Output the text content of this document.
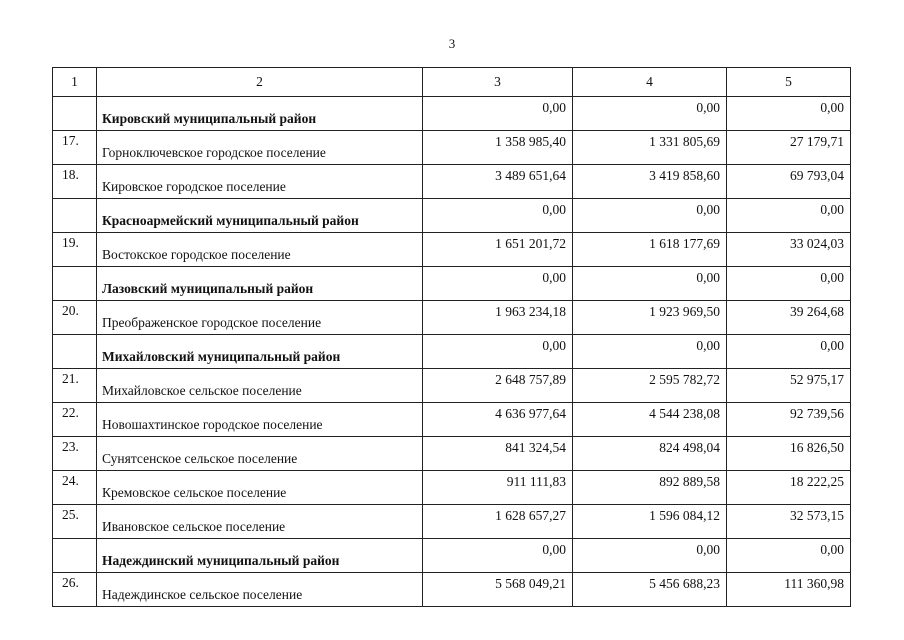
3
1	2	3	4	5
	Кировский муниципальный район	0,00	0,00	0,00
17.	Горноключевское городское поселение	1 358 985,40	1 331 805,69	27 179,71
18.	Кировское городское поселение	3 489 651,64	3 419 858,60	69 793,04
	Красноармейский муниципальный район	0,00	0,00	0,00
19.	Востокское городское поселение	1 651 201,72	1 618 177,69	33 024,03
	Лазовский муниципальный район	0,00	0,00	0,00
20.	Преображенское городское поселение	1 963 234,18	1 923 969,50	39 264,68
	Михайловский муниципальный район	0,00	0,00	0,00
21.	Михайловское сельское поселение	2 648 757,89	2 595 782,72	52 975,17
22.	Новошахтинское городское поселение	4 636 977,64	4 544 238,08	92 739,56
23.	Сунятсенское сельское поселение	841 324,54	824 498,04	16 826,50
24.	Кремовское сельское поселение	911 111,83	892 889,58	18 222,25
25.	Ивановское сельское поселение	1 628 657,27	1 596 084,12	32 573,15
	Надеждинский муниципальный район	0,00	0,00	0,00
26.	Надеждинское сельское поселение	5 568 049,21	5 456 688,23	111 360,98
